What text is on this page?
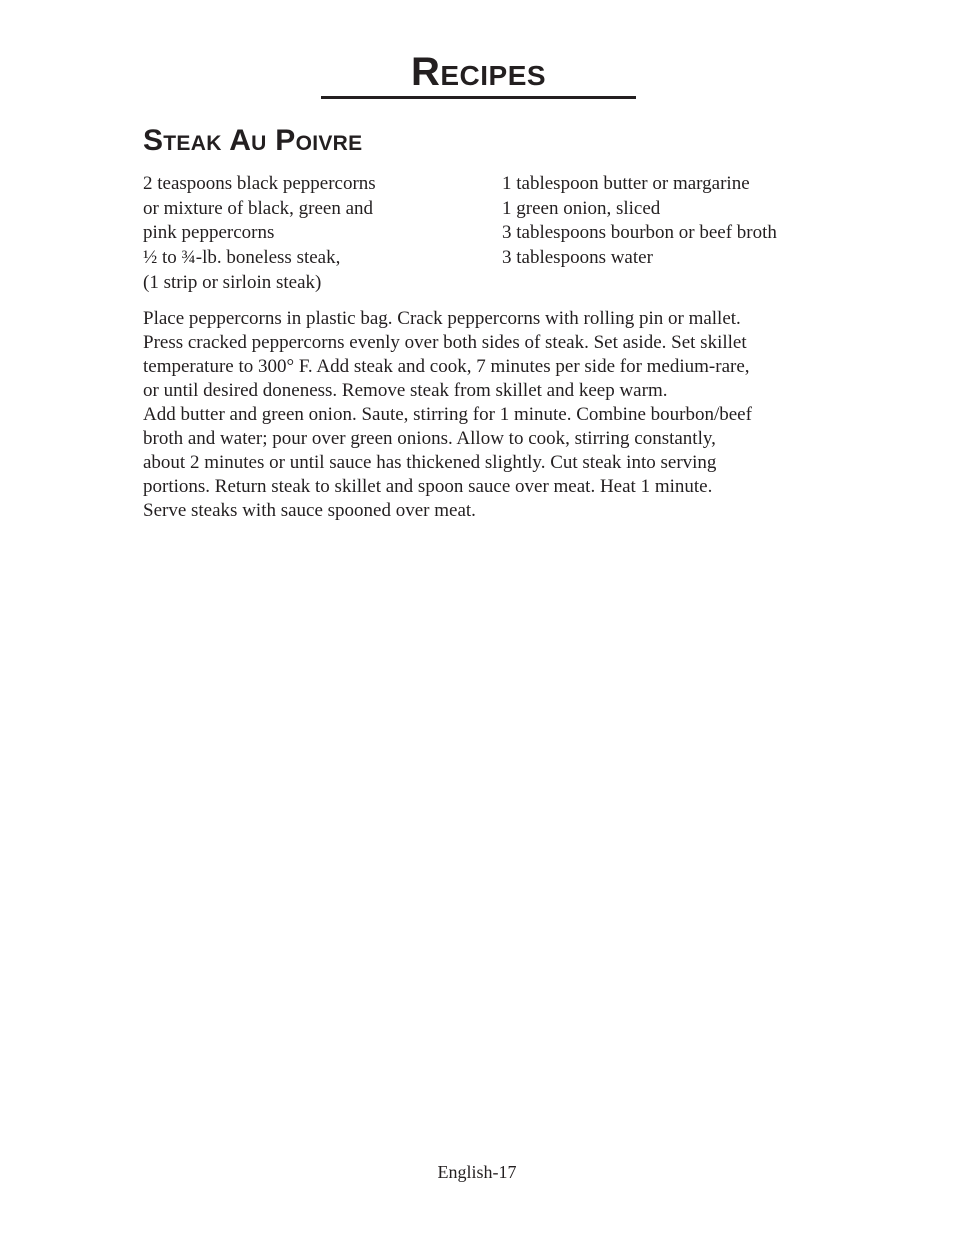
Recipes
Steak Au Poivre
2 teaspoons black peppercorns
or mixture of black, green and
pink peppercorns
½ to ¾-lb. boneless steak,
(1 strip or sirloin steak)
1 tablespoon butter or margarine
1 green onion, sliced
3 tablespoons bourbon or beef broth
3 tablespoons water

Place peppercorns in plastic bag. Crack peppercorns with rolling pin or mallet.

Press cracked peppercorns evenly over both sides of steak. Set aside. Set skillet

temperature to 300° F. Add steak and cook, 7 minutes per side for medium-rare,

or until desired doneness. Remove steak from skillet and keep warm.

Add butter and green onion. Saute, stirring for 1 minute. Combine bourbon/beef

broth and water; pour over green onions. Allow to cook, stirring constantly,

about 2 minutes or until sauce has thickened slightly. Cut steak into serving

portions. Return steak to skillet and spoon sauce over meat. Heat 1 minute.

Serve steaks with sauce spooned over meat.

English-17
